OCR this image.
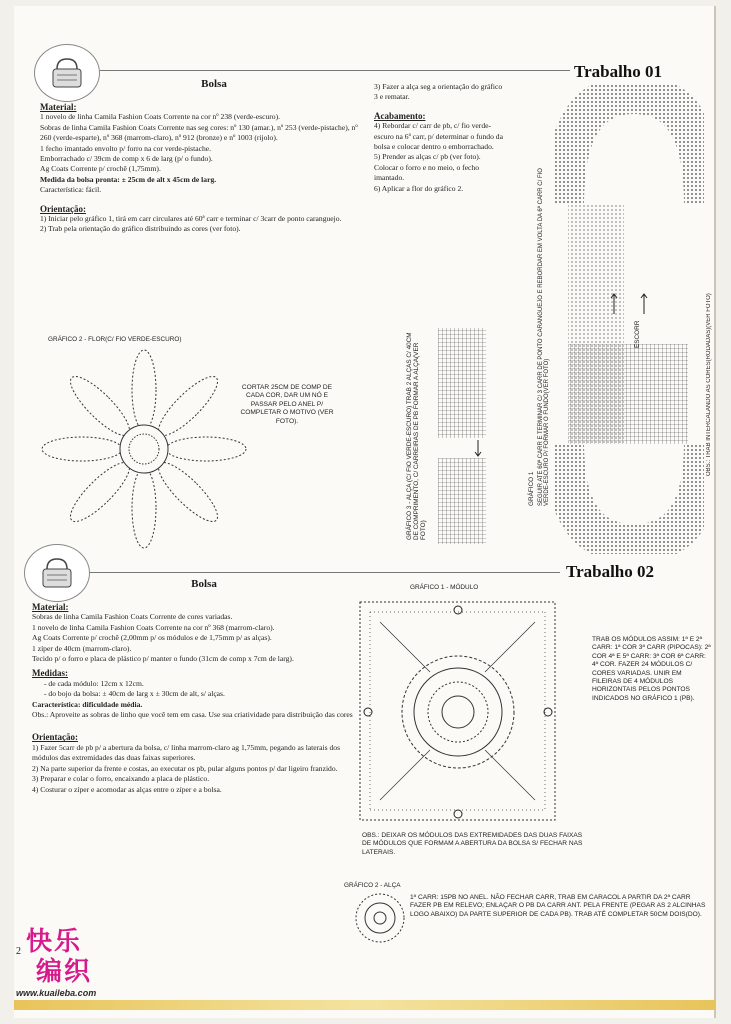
Trabalho 01
Bolsa
Material:

1 novelo de linha Camila Fashion Coats Corrente na cor nº 238 (verde-escuro).

Sobras de linha Camila Fashion Coats Corrente nas seg cores: nº 130 (amar.), nº 253 (verde-pistache), nº 260 (verde-esparte), nº 368 (marrom-claro), nº 912 (bronze) e nº 1003 (rijolo).

1 fecho imantado envolto p/ forro na cor verde-pistache.

Emborrachado c/ 39cm de comp x 6 de larg (p/ o fundo).

Ag Coats Corrente p/ crochê (1,75mm).

Medida da bolsa pronta: ± 25cm de alt x 45cm de larg.

Característica: fácil.

Orientação:

1) Iniciar pelo gráfico 1, tirá em carr circulares até 60ª carr e terminar c/ 3carr de ponto caranguejo.

2) Trab pela orientação do gráfico distribuindo as cores (ver foto).

3) Fazer a alça seg a orientação do gráfico 3 e rematar.

Acabamento:

4) Rebordar c/ carr de pb, c/ fio verde-escuro na 6ª carr, p/ determinar o fundo da bolsa e colocar dentro o emborrachado.

5) Prender as alças c/ pb (ver foto). Colocar o forro e no meio, o fecho imantado.

6) Aplicar a flor do gráfico 2.

GRÁFICO 2 - FLOR(C/ FIO VERDE-ESCURO)
CORTAR 25CM DE COMP DE CADA COR, DAR UM NÓ E PASSAR PELO ANEL P/ COMPLETAR O MOTIVO (VER FOTO).	GRÁFICO 3 - ALÇA (C/ FIO VERDE-ESCURO) TRAB 2 ALÇAS C/ 40CM DE COMPRIMENTO, C/ CARREIRAS DE PB FORMAR A ALÇA(VER FOTO)
GRÁFICO 1 SEGUIR ATÉ 60ª CARR E TERMINAR C/ 3 CARR DE PONTO CARANGUEJO E REBORDAR EM VOLTA DA 6ª CARR C/ FIO VERDE-ESCURO P/ FORMAR O FUNDO(VER FOTO)
ESCORR	OBS.: TRAB INTERCALANDO AS CORES(RODADAS)(VER FOTO)
Trabalho 02
Bolsa
Material:

Sobras de linha Camila Fashion Coats Corrente de cores variadas.

1 novelo de linha Camila Fashion Coats Corrente na cor nº 368 (marrom-claro).

Ag Coats Corrente p/ crochê (2,00mm p/ os módulos e de 1,75mm p/ as alças).

1 zíper de 40cm (marrom-claro).

Tecido p/ o forro e placa de plástico p/ manter o fundo (31cm de comp x 7cm de larg).

Medidas:

- de cada módulo: 12cm x 12cm.

- do bojo da bolsa: ± 40cm de larg x ± 30cm de alt, s/ alças.

Característica: dificuldade média.

Obs.: Aproveite as sobras de linho que você tem em casa. Use sua criatividade para distribuição das cores

Orientação:

1) Fazer 5carr de pb p/ a abertura da bolsa, c/ linha marrom-claro ag 1,75mm, pegando as laterais dos módulos das extremidades das duas faixas superiores.

2) Na parte superior da frente e costas, ao executar os pb, pular alguns pontos p/ dar ligeiro franzido.

3) Preparar e colar o forro, encaixando a placa de plástico.

4) Costurar o zíper e acomodar as alças entre o zíper e a bolsa.

GRÁFICO 1 - MÓDULO
TRAB OS MÓDULOS ASSIM: 1ª E 2ª CARR: 1ª COR 3ª CARR (PIPOCAS): 2ª COR 4ª E 5ª CARR: 3ª COR 6ª CARR: 4ª COR. FAZER 24 MÓDULOS C/ CORES VARIADAS. UNIR EM FILEIRAS DE 4 MÓDULOS HORIZONTAIS PELOS PONTOS INDICADOS NO GRÁFICO 1 (PB).
OBS.: DEIXAR OS MÓDULOS DAS EXTREMIDADES DAS DUAS FAIXAS DE MÓDULOS QUE FORMAM A ABERTURA DA BOLSA S/ FECHAR NAS LATERAIS.
GRÁFICO 2 - ALÇA
1ª CARR: 15PB NO ANEL. NÃO FECHAR CARR, TRAB EM CARACOL A PARTIR DA 2ª CARR FAZER PB EM RELEVO; ENLAÇAR O PB DA CARR ANT. PELA FRENTE (PEGAR AS 2 ALCINHAS LOGO ABAIXO) DA PARTE SUPERIOR DE CADA PB). TRAB ATÉ COMPLETAR 50CM DOIS(DO).
2 快乐
编织
www.kuaileba.com
